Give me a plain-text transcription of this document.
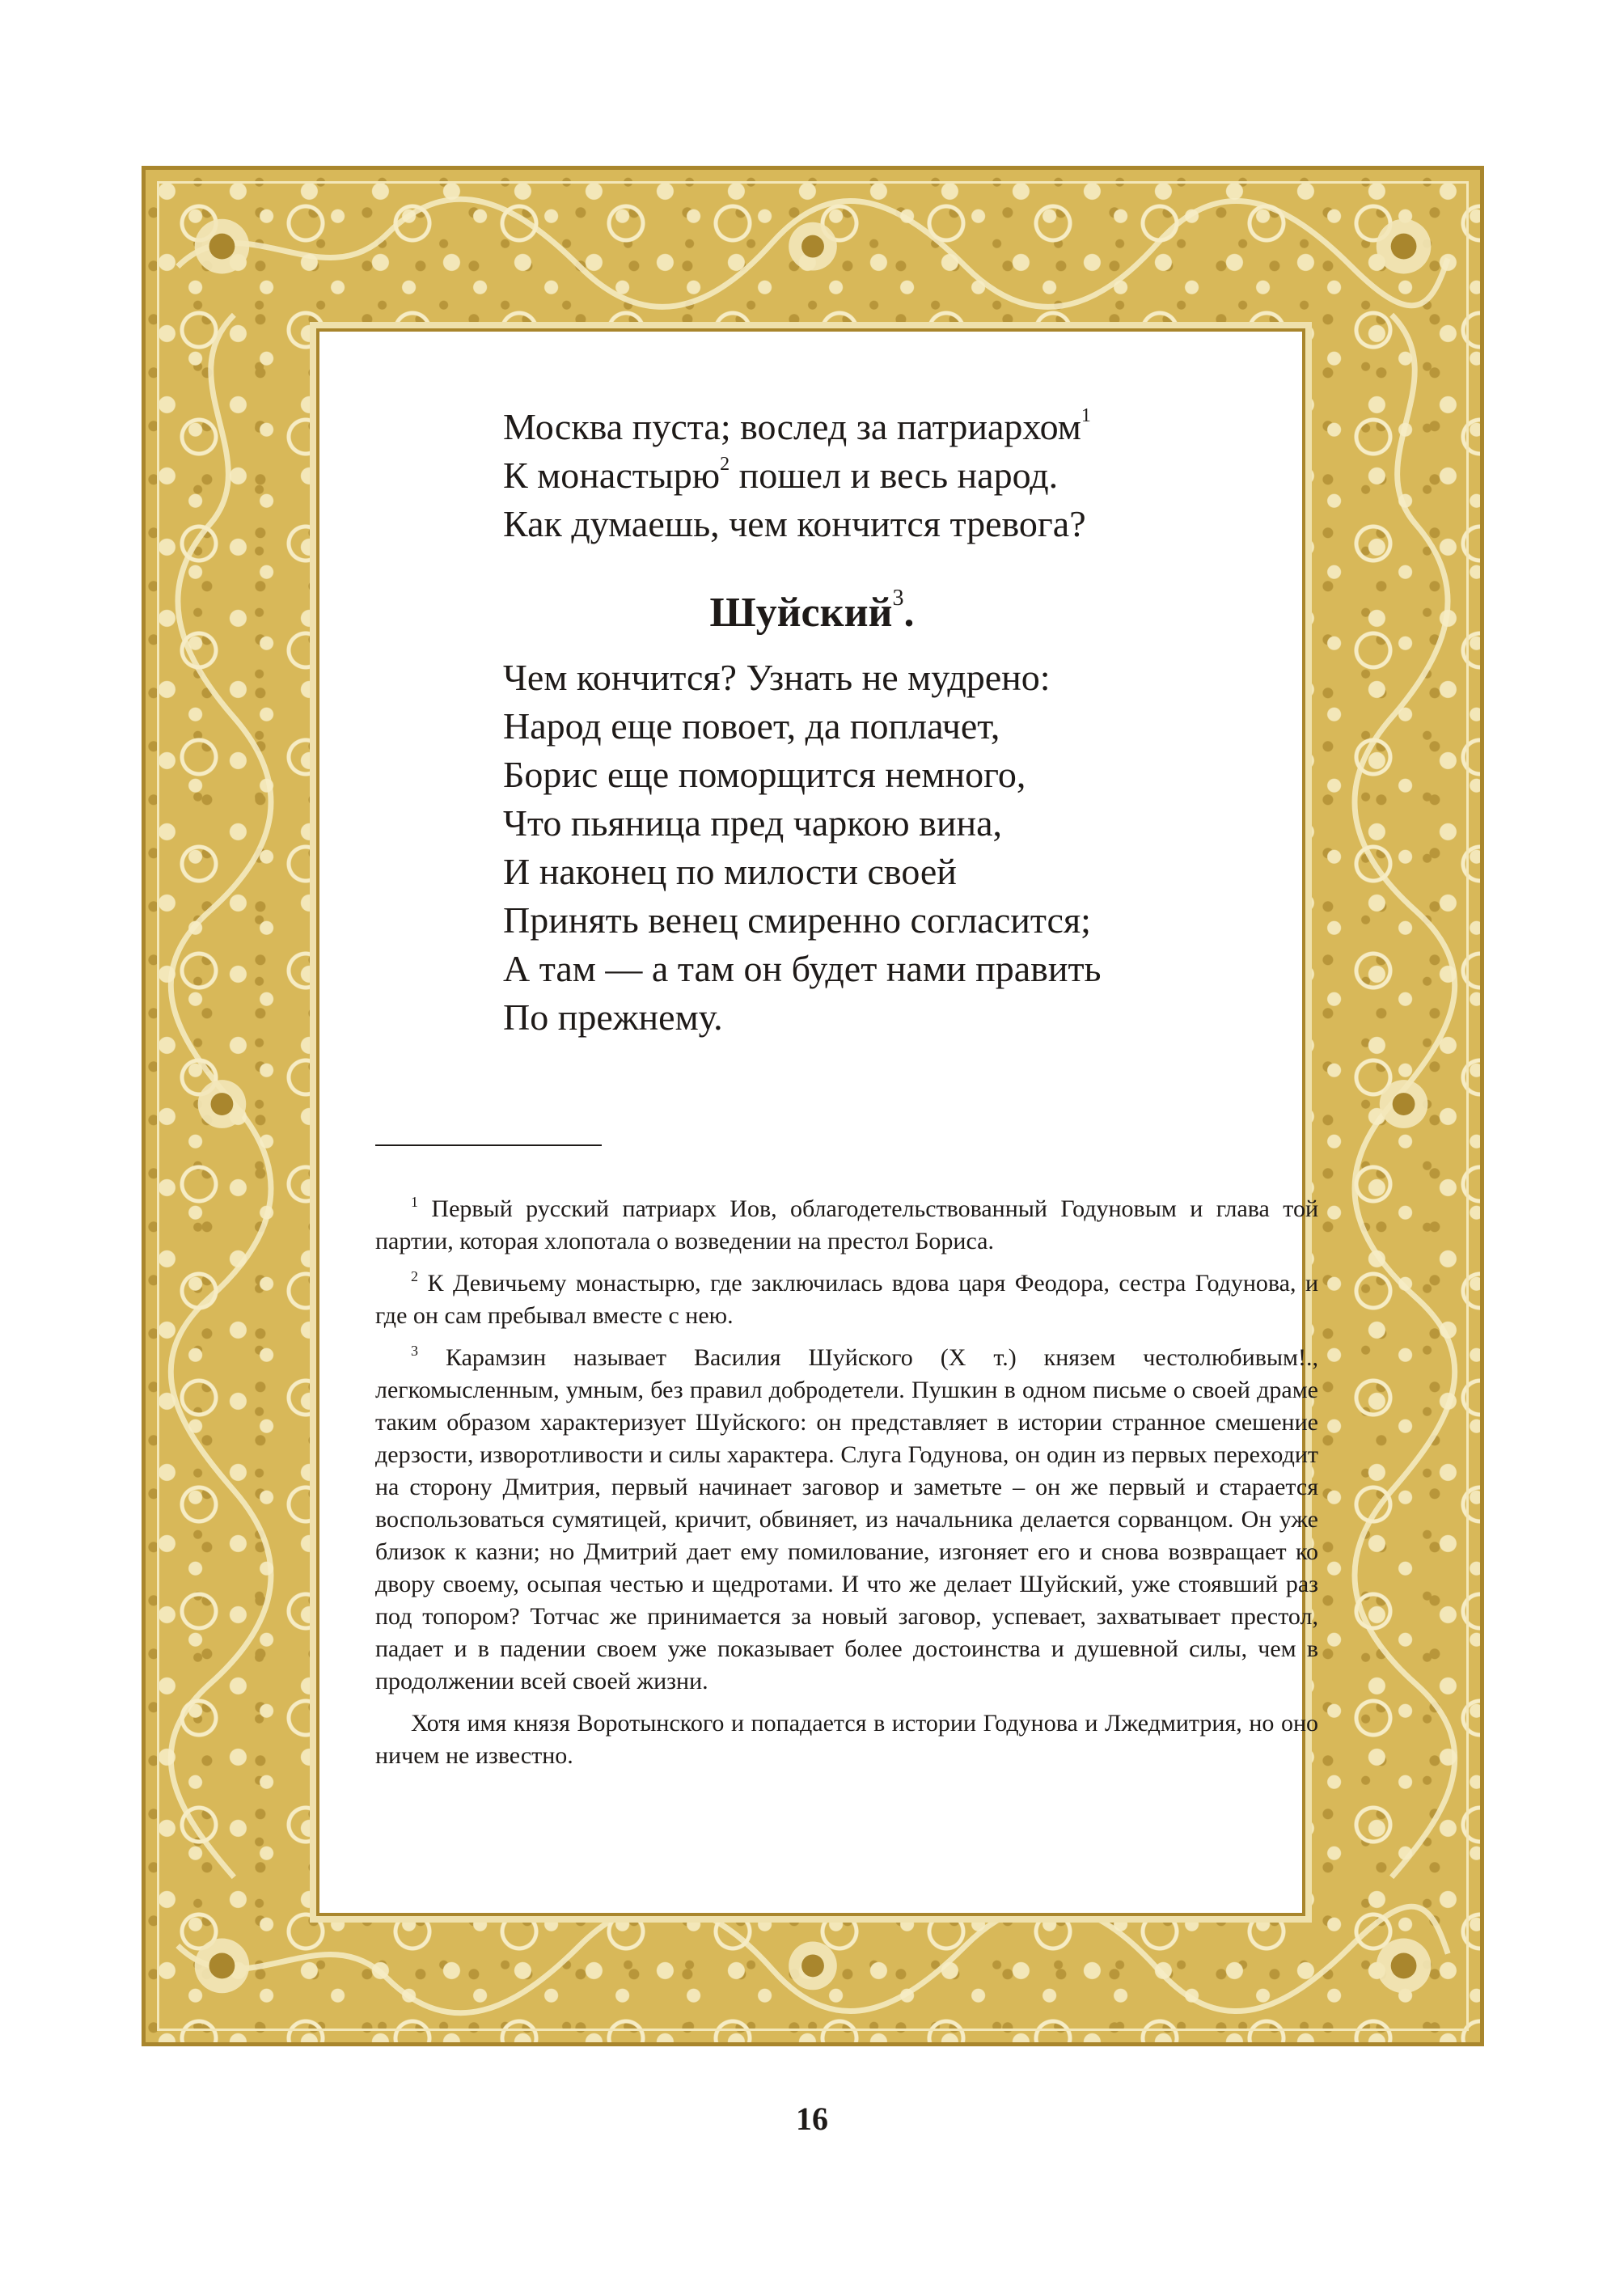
Москва пуста; вослед за патриархом$^1$
К монастырю$^2$ пошел и весь народ.
Как думаешь, чем кончится тревога?
Шуйский$^3$.
Чем кончится? Узнать не мудрено:
Народ еще повоет, да поплачет,
Борис еще поморщится немного,
Что пьяница пред чаркою вина,
И наконец по милости своей
Принять венец смиренно согласится;
А там — а там он будет нами править
По прежнему.

$^1$ Первый русский патриарх Иов, облагодетельствованный Годуновым и глава той партии, которая хлопотала о возведении на престол Бориса.

$^2$ К Девичьему монастырю, где заключилась вдова царя Феодора, сестра Годунова, и где он сам пребывал вместе с нею.

$^3$ Карамзин называет Василия Шуйского (X т.) князем честолюбивым!., легкомысленным, умным, без правил добродетели. Пушкин в одном письме о своей драме таким образом характеризует Шуйского: он представляет в истории странное смешение дерзости, изворотливости и силы характера. Слуга Годунова, он один из первых переходит на сторону Дмитрия, первый начинает заговор и заметьте – он же первый и старается воспользоваться сумятицей, кричит, обвиняет, из начальника делается сорванцом. Он уже близок к казни; но Дмитрий дает ему помилование, изгоняет его и снова возвращает ко двору своему, осыпая честью и щедротами. И что же делает Шуйский, уже стоявший раз под топором? Тотчас же принимается за новый заговор, успевает, захватывает престол, падает и в падении своем уже показывает более достоинства и душевной силы, чем в продолжении всей своей жизни.

Хотя имя князя Воротынского и попадается в истории Годунова и Лжедмитрия, но оно ничем не известно.

16
